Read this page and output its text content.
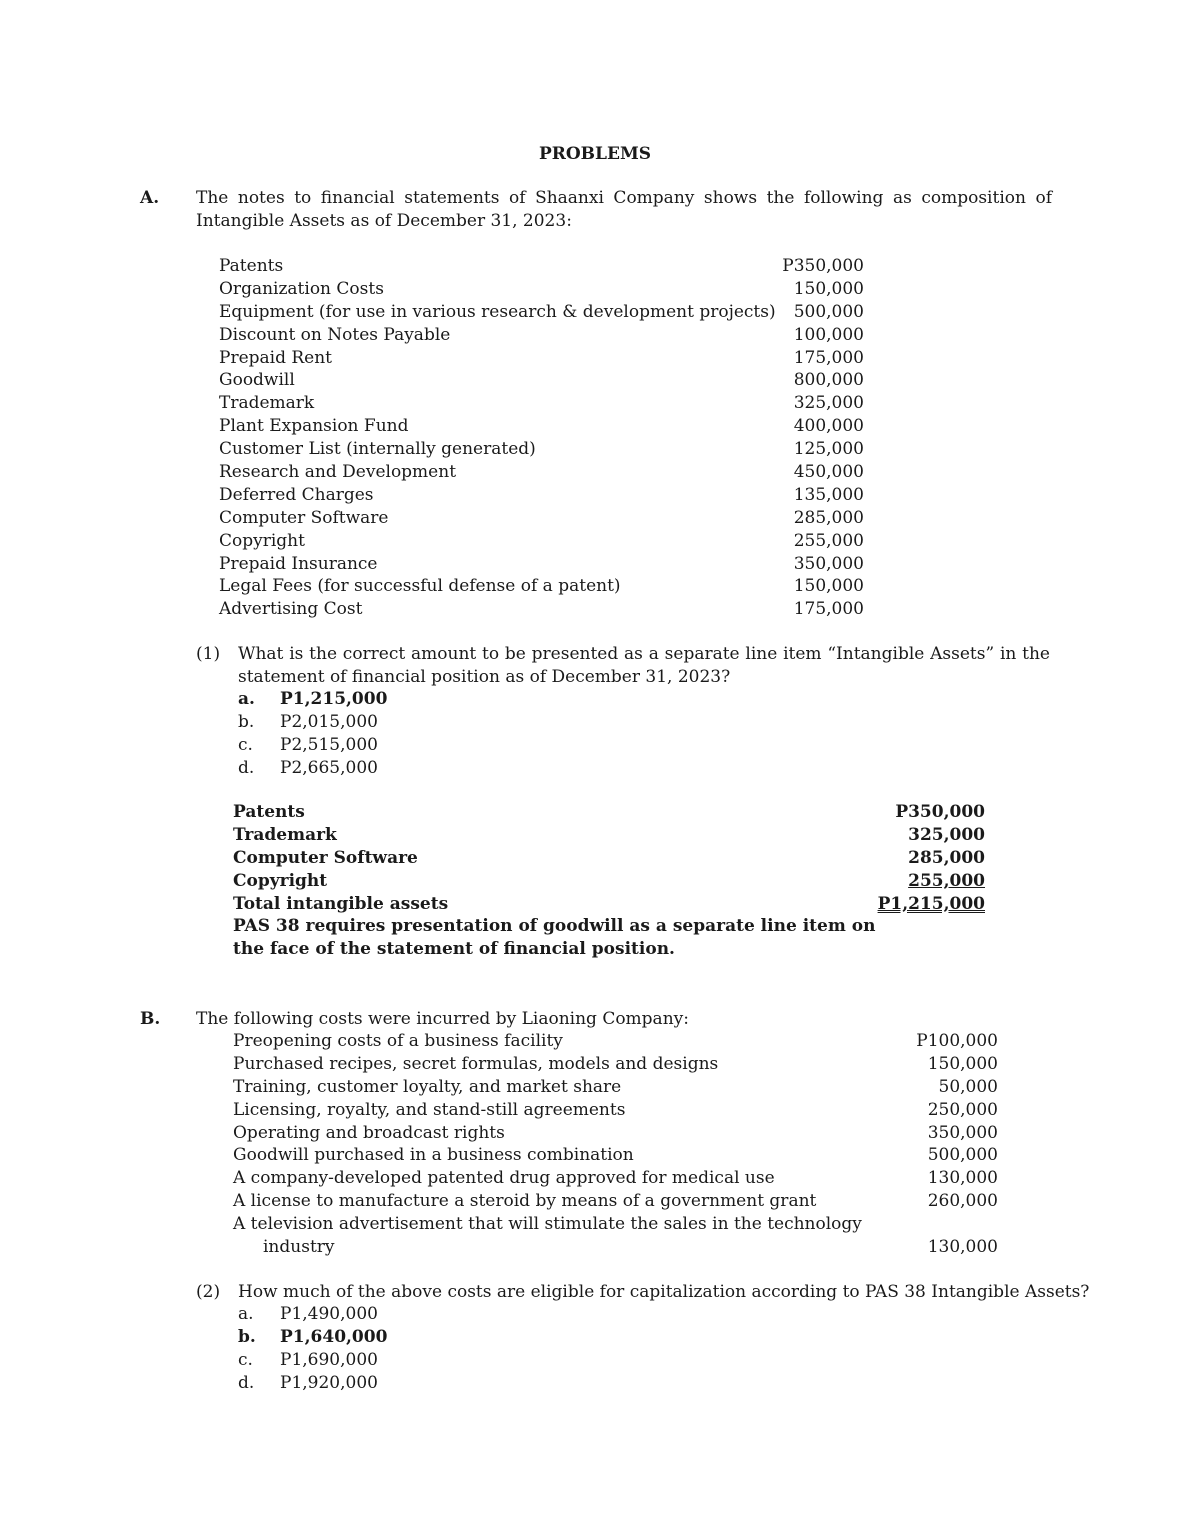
PROBLEMS
A. The notes to financial statements of Shaanxi Company shows the following as composition of Intangible Assets as of December 31, 2023:
Patents	P350,000
Organization Costs	150,000
Equipment (for use in various research & development projects) 500,000
Discount on Notes Payable	100,000
Prepaid Rent	175,000
Goodwill	800,000
Trademark	325,000
Plant Expansion Fund	400,000
Customer List (internally generated)	125,000
Research and Development	450,000
Deferred Charges	135,000
Computer Software	285,000
Copyright	255,000
Prepaid Insurance	350,000
Legal Fees (for successful defense of a patent)	150,000
Advertising Cost	175,000
(1) What is the correct amount to be presented as a separate line item “Intangible Assets” in the statement of financial position as of December 31, 2023?
a.	P1,215,000
b.	P2,015,000
c.	P2,515,000
d.	P2,665,000
Patents	P350,000
Trademark	325,000
Computer Software	285,000
Copyright	255,000
Total intangible assets	P1,215,000
PAS 38 requires presentation of goodwill as a separate line item on
the face of the statement of financial position.
B. The following costs were incurred by Liaoning Company:
Preopening costs of a business facility	P100,000
Purchased recipes, secret formulas, models and designs	150,000
Training, customer loyalty, and market share	50,000
Licensing, royalty, and stand-still agreements	250,000
Operating and broadcast rights	350,000
Goodwill purchased in a business combination	500,000
A company-developed patented drug approved for medical use	130,000
A license to manufacture a steroid by means of a government grant	260,000
A television advertisement that will stimulate the sales in the technology
industry	130,000
(2) How much of the above costs are eligible for capitalization according to PAS 38 Intangible Assets?
a.	P1,490,000
b.	P1,640,000
c.	P1,690,000
d.	P1,920,000
